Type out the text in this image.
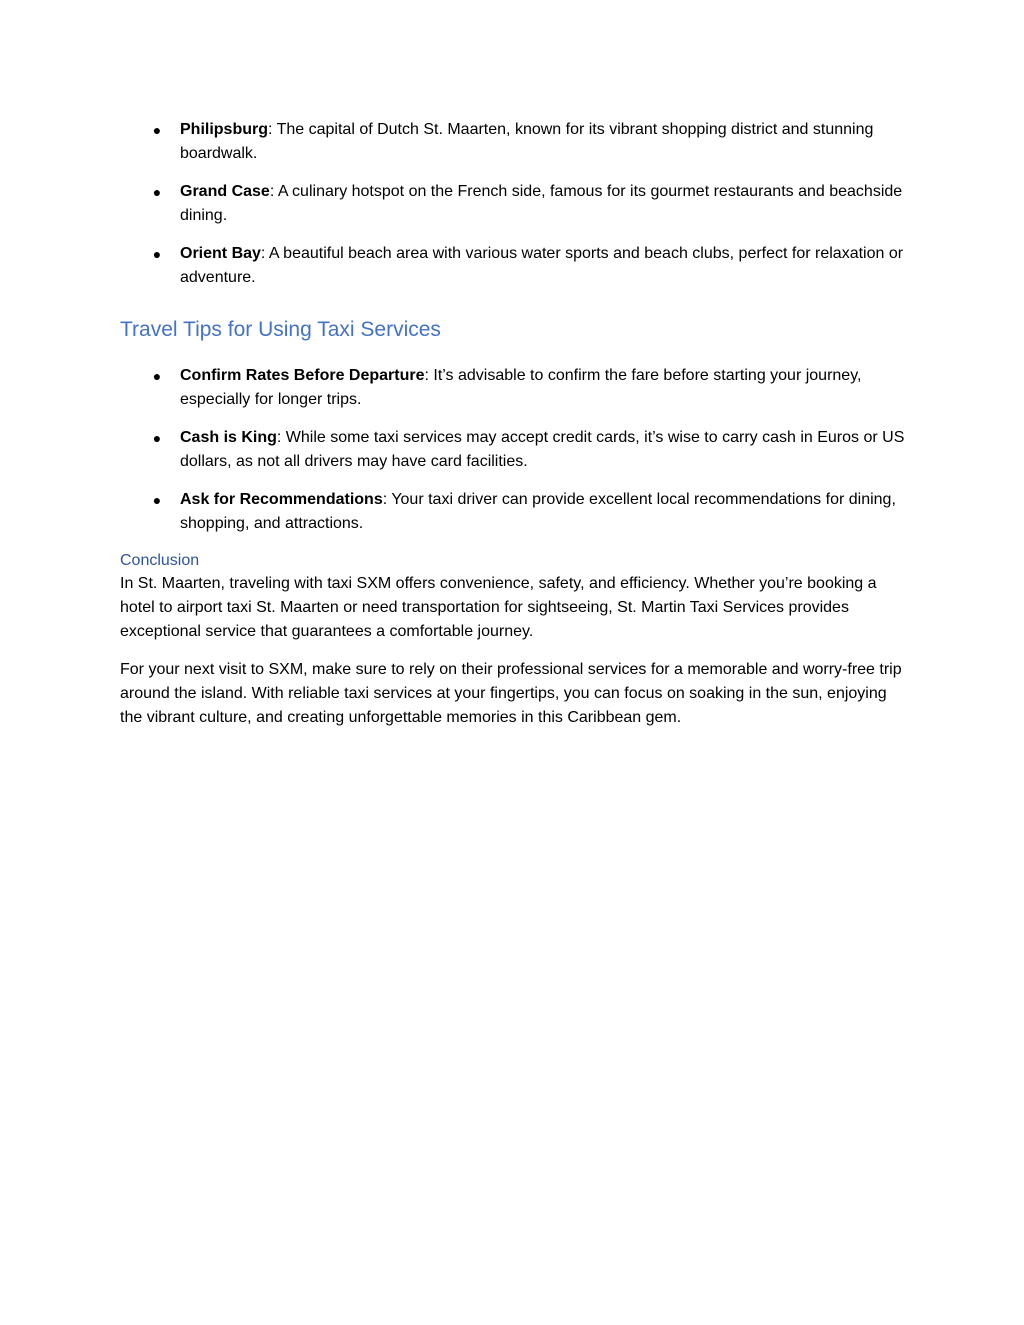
● Philipsburg: The capital of Dutch St. Maarten, known for its vibrant shopping district and stunning boardwalk.
● Grand Case: A culinary hotspot on the French side, famous for its gourmet restaurants and beachside dining.
● Orient Bay: A beautiful beach area with various water sports and beach clubs, perfect for relaxation or adventure.
Travel Tips for Using Taxi Services
● Confirm Rates Before Departure: It’s advisable to confirm the fare before starting your journey, especially for longer trips.
● Cash is King: While some taxi services may accept credit cards, it’s wise to carry cash in Euros or US dollars, as not all drivers may have card facilities.
● Ask for Recommendations: Your taxi driver can provide excellent local recommendations for dining, shopping, and attractions.
Conclusion

In St. Maarten, traveling with taxi SXM offers convenience, safety, and efficiency. Whether you’re booking a hotel to airport taxi St. Maarten or need transportation for sightseeing, St. Martin Taxi Services provides exceptional service that guarantees a comfortable journey.

For your next visit to SXM, make sure to rely on their professional services for a memorable and worry-free trip around the island. With reliable taxi services at your fingertips, you can focus on soaking in the sun, enjoying the vibrant culture, and creating unforgettable memories in this Caribbean gem.
